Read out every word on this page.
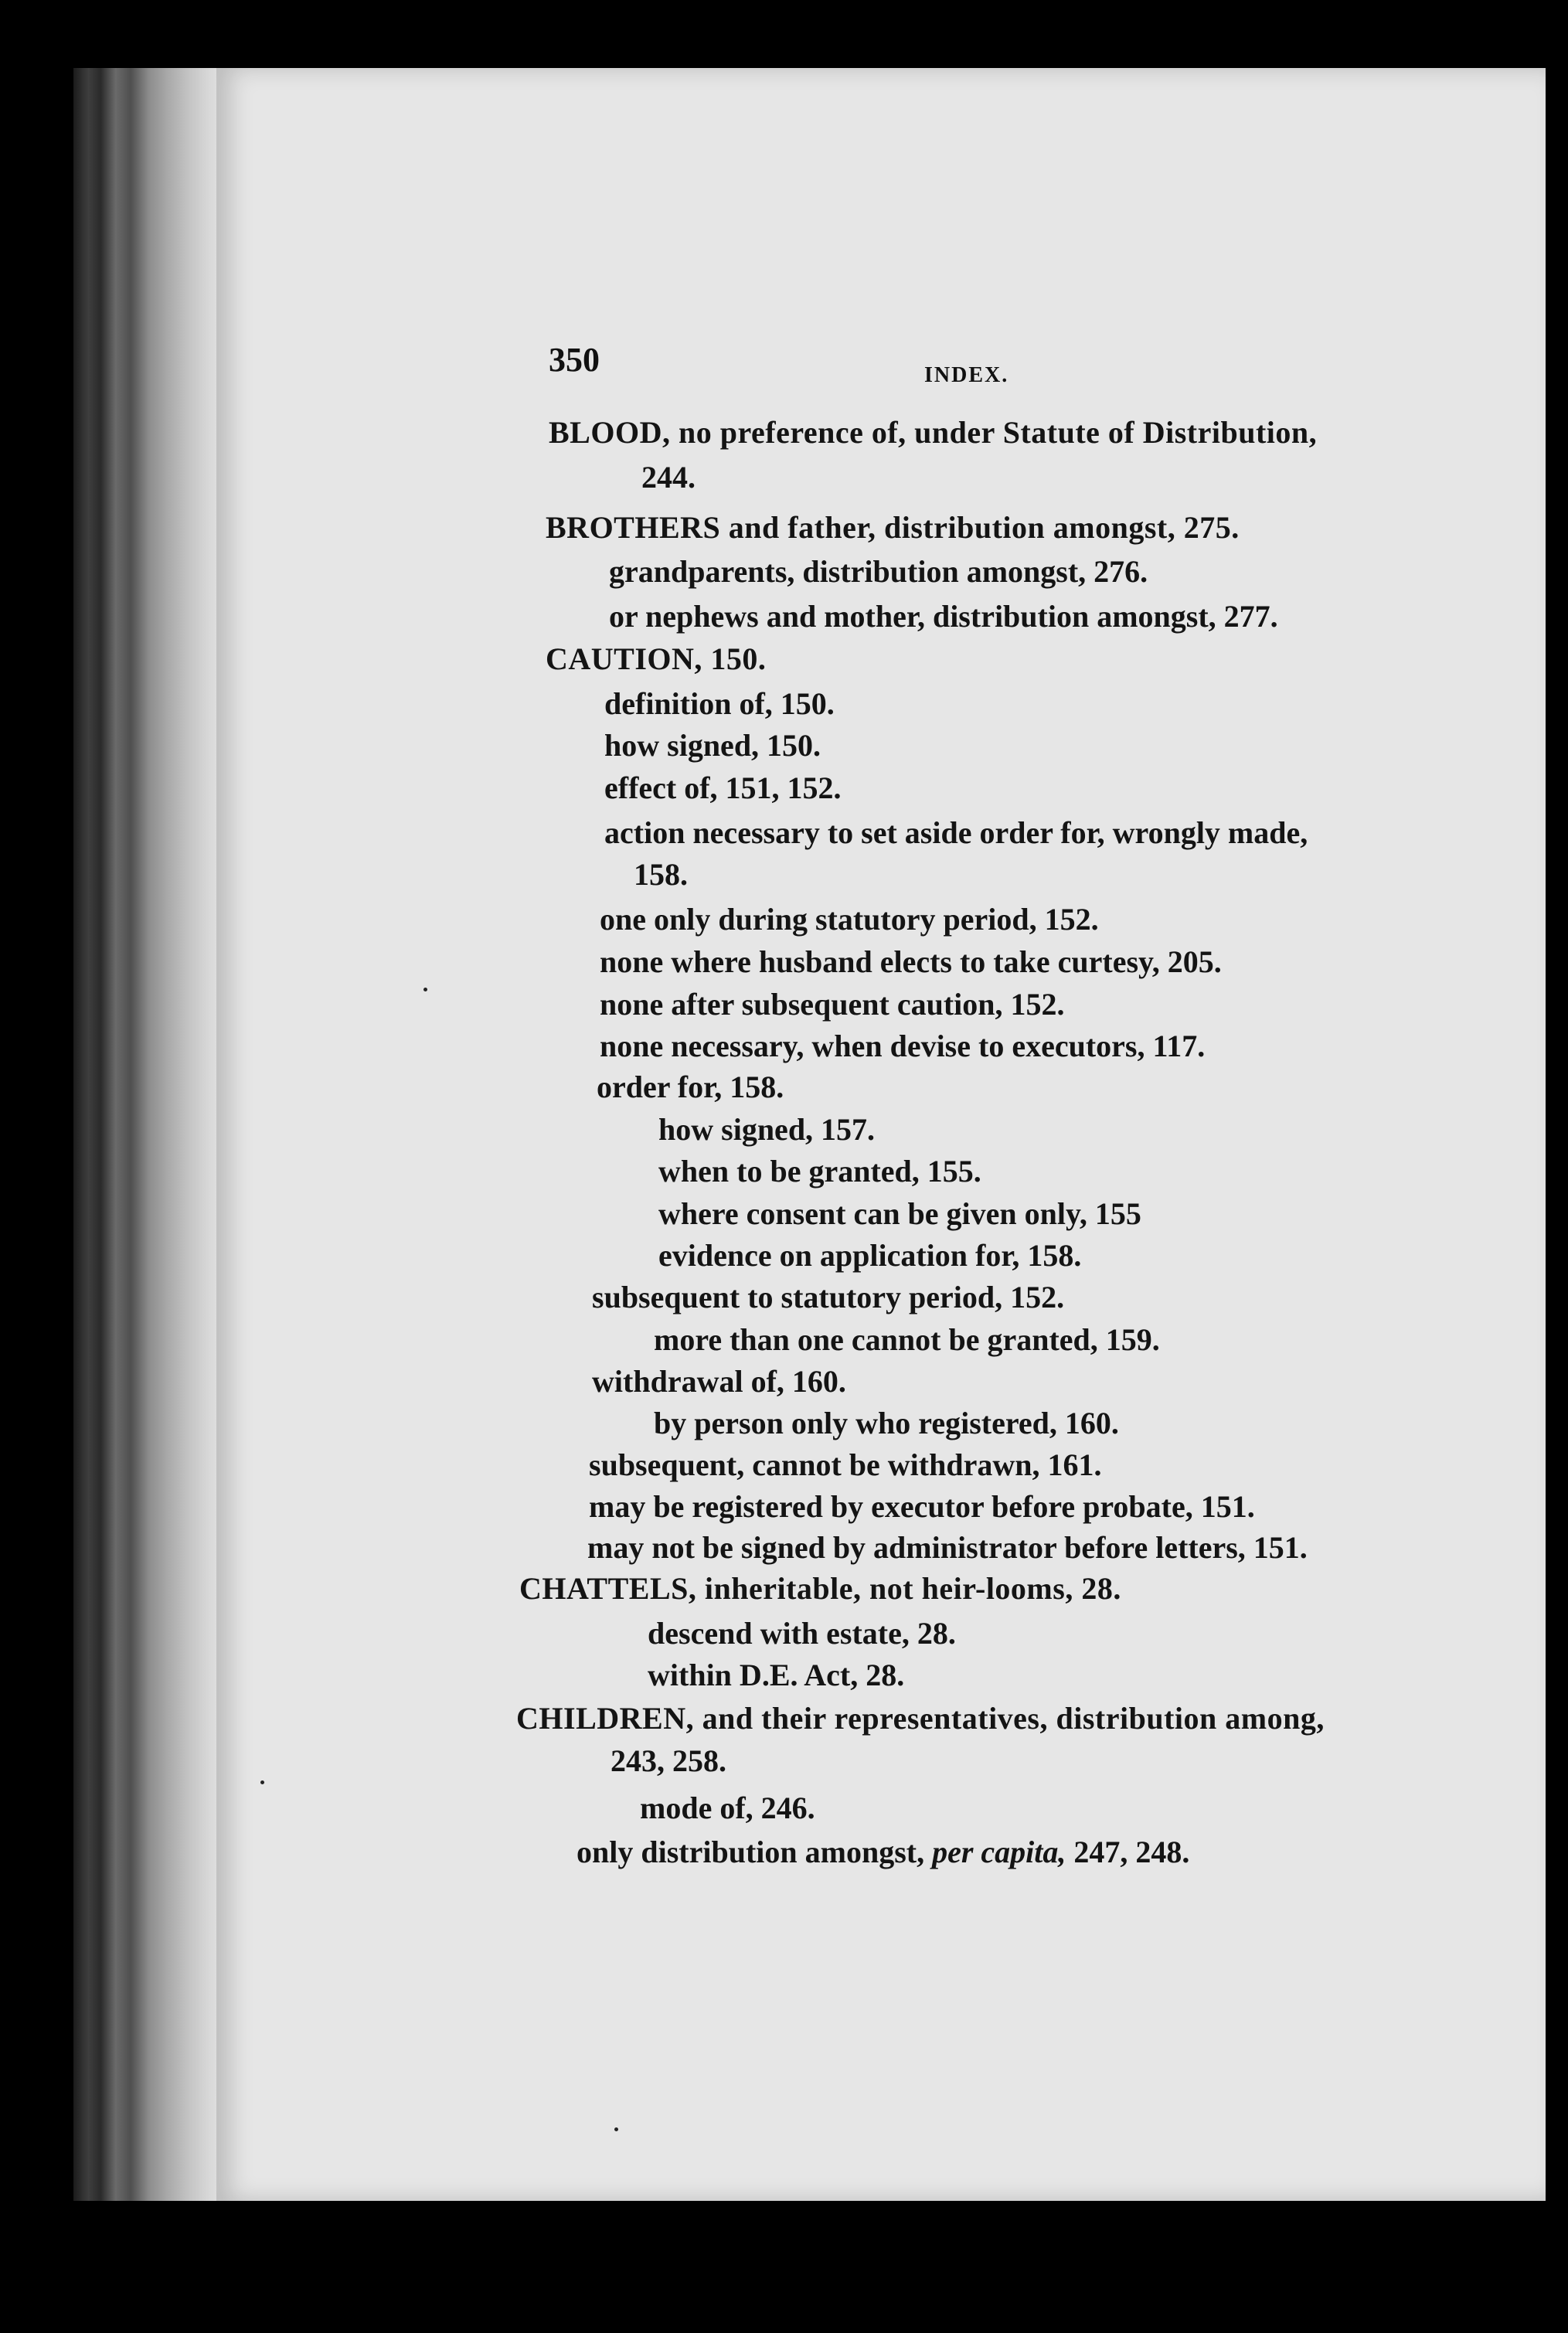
350	INDEX.
BLOOD, no preference of, under Statute of Distribution,
244.
BROTHERS and father, distribution amongst, 275.
grandparents, distribution amongst, 276.
or nephews and mother, distribution amongst, 277.
CAUTION, 150.
definition of, 150.
how signed, 150.
effect of, 151, 152.
action necessary to set aside order for, wrongly made,
158.
one only during statutory period, 152.
none where husband elects to take curtesy, 205.
none after subsequent caution, 152.
none necessary, when devise to executors, 117.
order for, 158.
how signed, 157.
when to be granted, 155.
where consent can be given only, 155
evidence on application for, 158.
subsequent to statutory period, 152.
more than one cannot be granted, 159.
withdrawal of, 160.
by person only who registered, 160.
subsequent, cannot be withdrawn, 161.
may be registered by executor before probate, 151.
may not be signed by administrator before letters, 151.
CHATTELS, inheritable, not heir-looms, 28.
descend with estate, 28.
within D.E. Act, 28.
CHILDREN, and their representatives, distribution among,
243, 258.
mode of, 246.
only distribution amongst, per capita, 247, 248.
